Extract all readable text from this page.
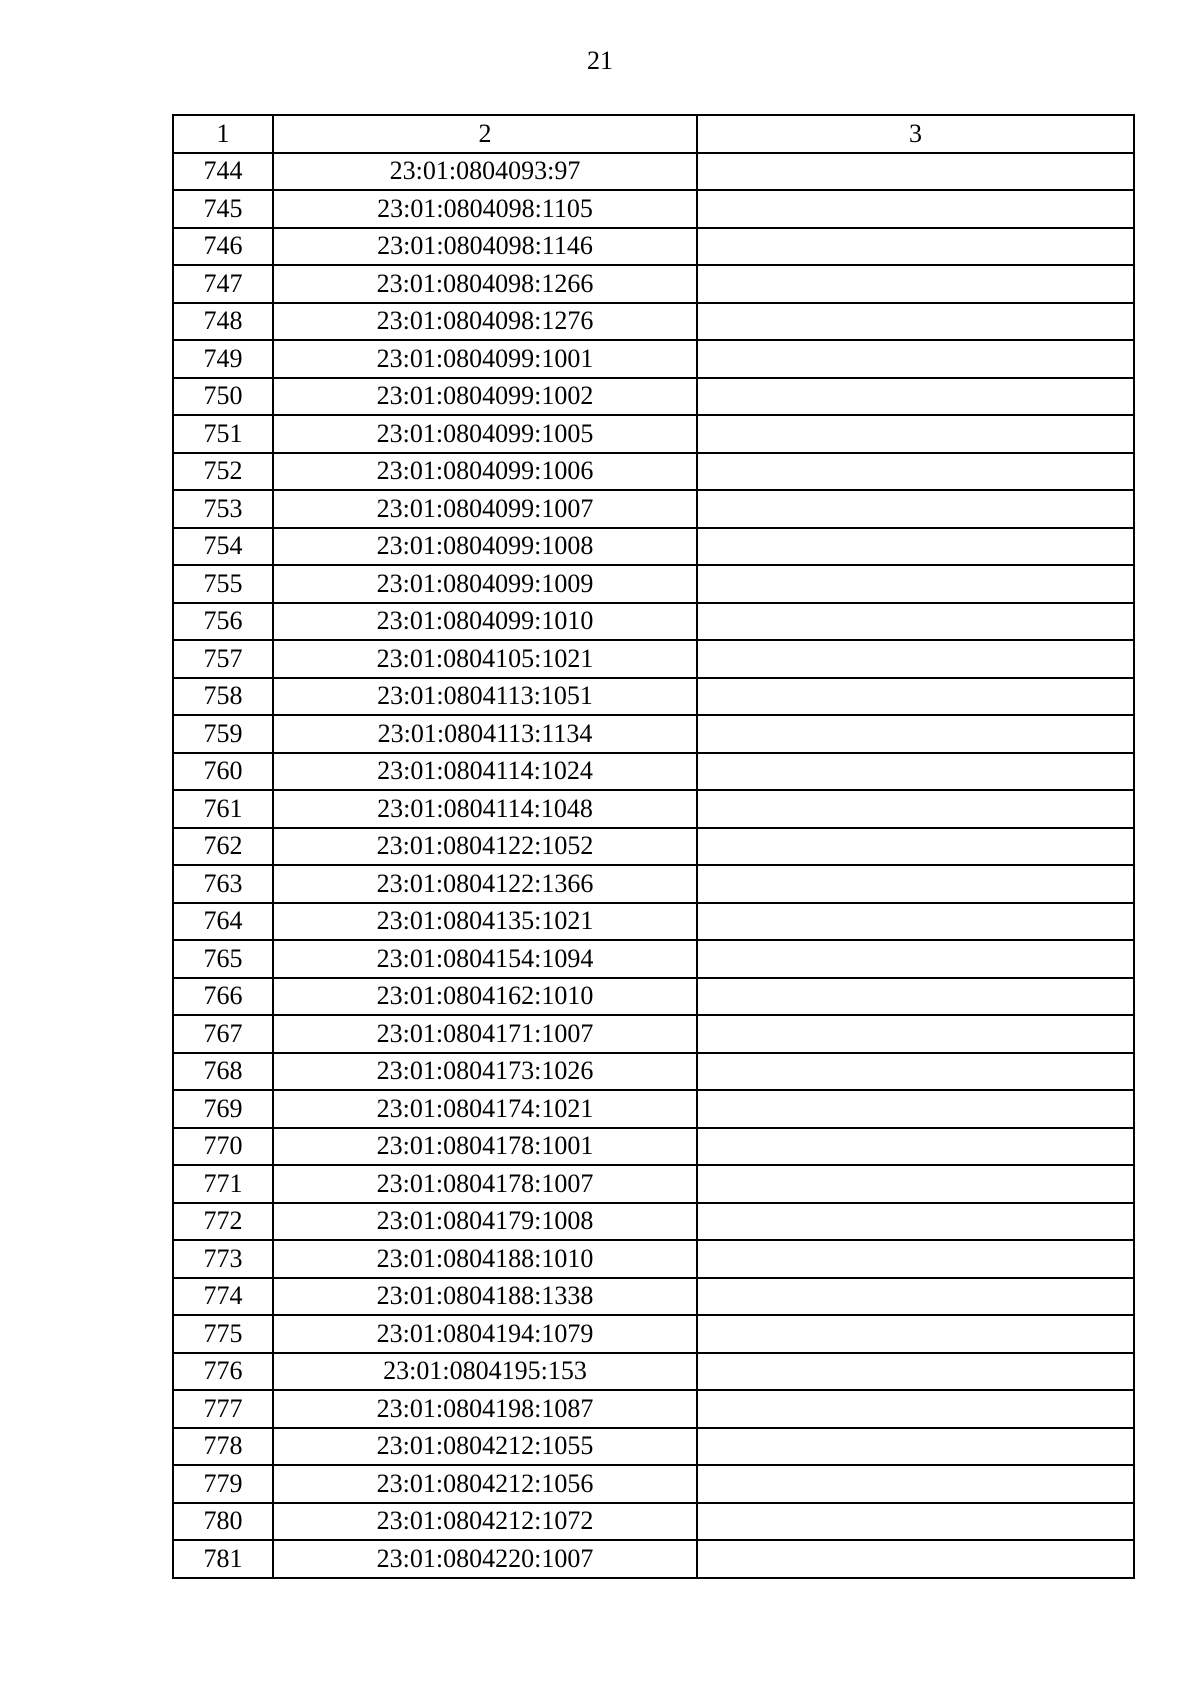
21
1	2	3
744	23:01:0804093:97	
745	23:01:0804098:1105	
746	23:01:0804098:1146	
747	23:01:0804098:1266	
748	23:01:0804098:1276	
749	23:01:0804099:1001	
750	23:01:0804099:1002	
751	23:01:0804099:1005	
752	23:01:0804099:1006	
753	23:01:0804099:1007	
754	23:01:0804099:1008	
755	23:01:0804099:1009	
756	23:01:0804099:1010	
757	23:01:0804105:1021	
758	23:01:0804113:1051	
759	23:01:0804113:1134	
760	23:01:0804114:1024	
761	23:01:0804114:1048	
762	23:01:0804122:1052	
763	23:01:0804122:1366	
764	23:01:0804135:1021	
765	23:01:0804154:1094	
766	23:01:0804162:1010	
767	23:01:0804171:1007	
768	23:01:0804173:1026	
769	23:01:0804174:1021	
770	23:01:0804178:1001	
771	23:01:0804178:1007	
772	23:01:0804179:1008	
773	23:01:0804188:1010	
774	23:01:0804188:1338	
775	23:01:0804194:1079	
776	23:01:0804195:153	
777	23:01:0804198:1087	
778	23:01:0804212:1055	
779	23:01:0804212:1056	
780	23:01:0804212:1072	
781	23:01:0804220:1007	
